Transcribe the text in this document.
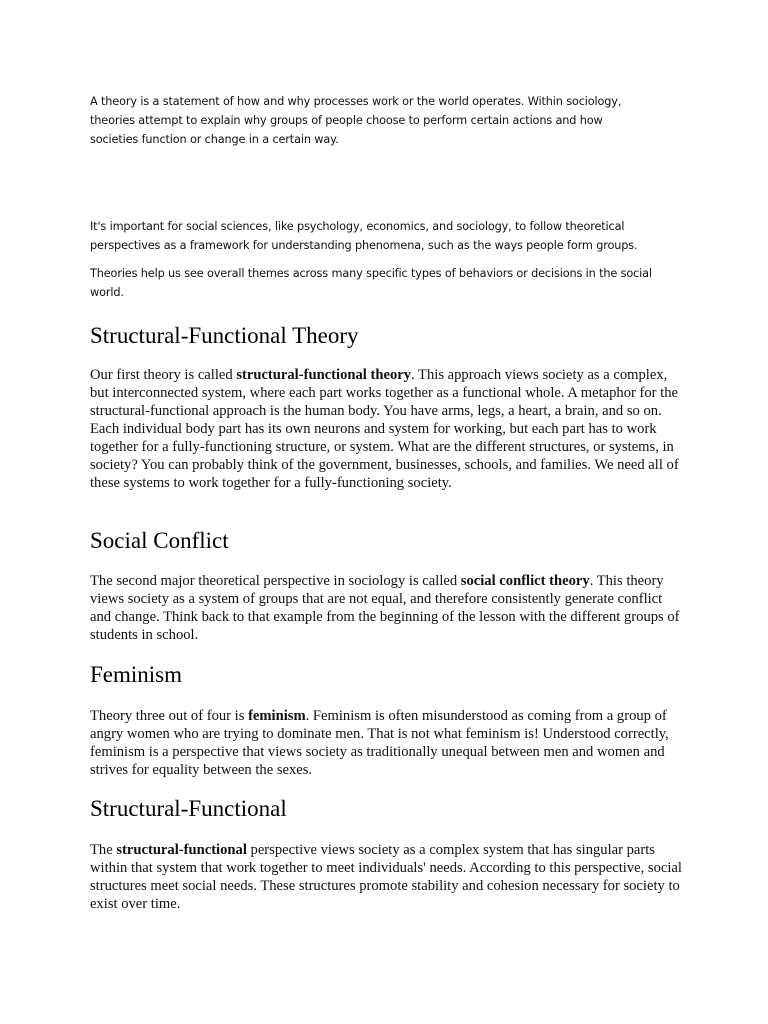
A theory is a statement of how and why processes work or the world operates. Within sociology, theories attempt to explain why groups of people choose to perform certain actions and how societies function or change in a certain way.

It's important for social sciences, like psychology, economics, and sociology, to follow theoretical perspectives as a framework for understanding phenomena, such as the ways people form groups.

Theories help us see overall themes across many specific types of behaviors or decisions in the social world.

Structural-Functional Theory

Our first theory is called structural-functional theory. This approach views society as a complex, but interconnected system, where each part works together as a functional whole. A metaphor for the structural-functional approach is the human body. You have arms, legs, a heart, a brain, and so on. Each individual body part has its own neurons and system for working, but each part has to work together for a fully-functioning structure, or system. What are the different structures, or systems, in society? You can probably think of the government, businesses, schools, and families. We need all of these systems to work together for a fully-functioning society.

Social Conflict

The second major theoretical perspective in sociology is called social conflict theory. This theory views society as a system of groups that are not equal, and therefore consistently generate conflict and change. Think back to that example from the beginning of the lesson with the different groups of students in school.

Feminism

Theory three out of four is feminism. Feminism is often misunderstood as coming from a group of angry women who are trying to dominate men. That is not what feminism is! Understood correctly, feminism is a perspective that views society as traditionally unequal between men and women and strives for equality between the sexes.

Structural-Functional

The structural-functional perspective views society as a complex system that has singular parts within that system that work together to meet individuals' needs. According to this perspective, social structures meet social needs. These structures promote stability and cohesion necessary for society to exist over time.
